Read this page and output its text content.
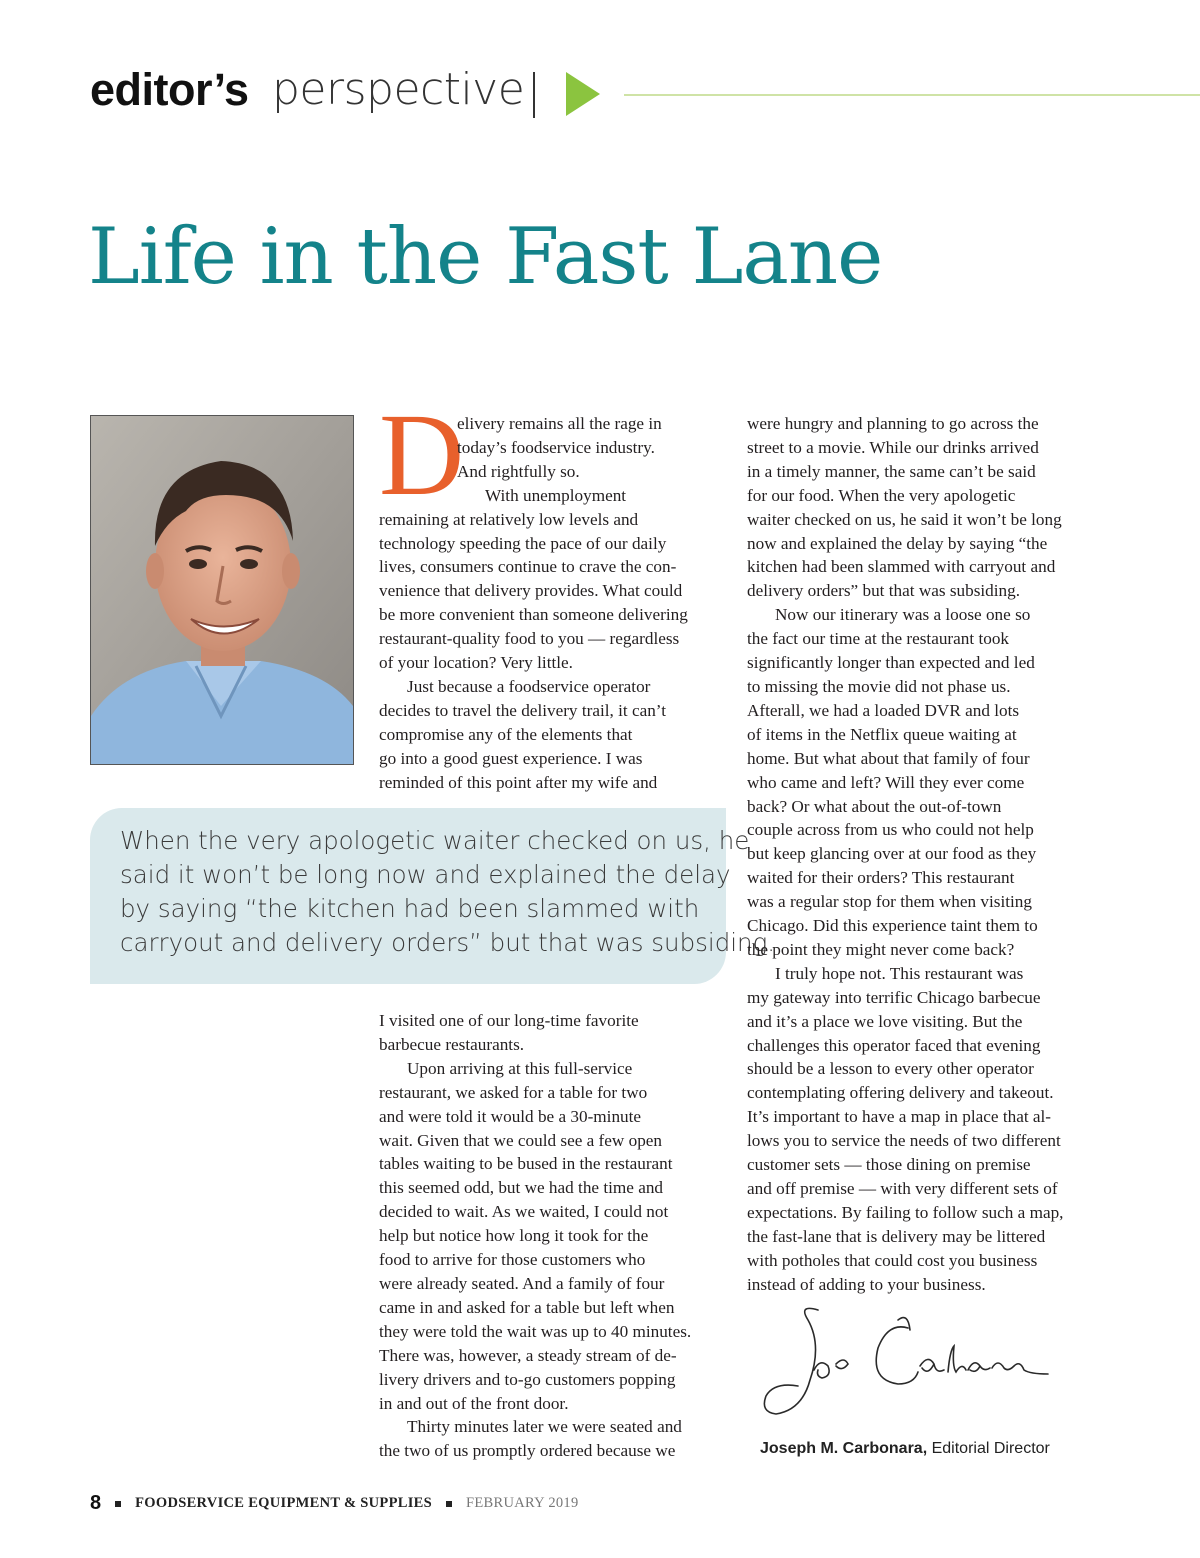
editor’s perspective
Life in the Fast Lane
D

elivery remains all the rage in

today’s foodservice industry.

And rightfully so.

With unemployment

remaining at relatively low levels and

technology speeding the pace of our daily

lives, consumers continue to crave the con-

venience that delivery provides. What could

be more convenient than someone delivering

restaurant-quality food to you — regardless

of your location? Very little.

Just because a foodservice operator

decides to travel the delivery trail, it can’t

compromise any of the elements that

go into a good guest experience. I was

reminded of this point after my wife and

When the very apologetic waiter checked on us, he
said it won’t be long now and explained the delay
by saying “the kitchen had been slammed with
carryout and delivery orders” but that was subsiding.

I visited one of our long-time favorite

barbecue restaurants.

Upon arriving at this full-service

restaurant, we asked for a table for two

and were told it would be a 30-minute

wait. Given that we could see a few open

tables waiting to be bused in the restaurant

this seemed odd, but we had the time and

decided to wait. As we waited, I could not

help but notice how long it took for the

food to arrive for those customers who

were already seated. And a family of four

came in and asked for a table but left when

they were told the wait was up to 40 minutes.

There was, however, a steady stream of de-

livery drivers and to-go customers popping

in and out of the front door.

Thirty minutes later we were seated and

the two of us promptly ordered because we

were hungry and planning to go across the

street to a movie. While our drinks arrived

in a timely manner, the same can’t be said

for our food. When the very apologetic

waiter checked on us, he said it won’t be long

now and explained the delay by saying “the

kitchen had been slammed with carryout and

delivery orders” but that was subsiding.

Now our itinerary was a loose one so

the fact our time at the restaurant took

significantly longer than expected and led

to missing the movie did not phase us.

Afterall, we had a loaded DVR and lots

of items in the Netflix queue waiting at

home. But what about that family of four

who came and left? Will they ever come

back? Or what about the out-of-town

couple across from us who could not help

but keep glancing over at our food as they

waited for their orders? This restaurant

was a regular stop for them when visiting

Chicago. Did this experience taint them to

the point they might never come back?

I truly hope not. This restaurant was

my gateway into terrific Chicago barbecue

and it’s a place we love visiting. But the

challenges this operator faced that evening

should be a lesson to every other operator

contemplating offering delivery and takeout.

It’s important to have a map in place that al-

lows you to service the needs of two different

customer sets — those dining on premise

and off premise — with very different sets of

expectations. By failing to follow such a map,

the fast-lane that is delivery may be littered

with potholes that could cost you business

instead of adding to your business.

Joseph M. Carbonara, Editorial Director
8 FOODSERVICE EQUIPMENT & SUPPLIES FEBRUARY 2019
